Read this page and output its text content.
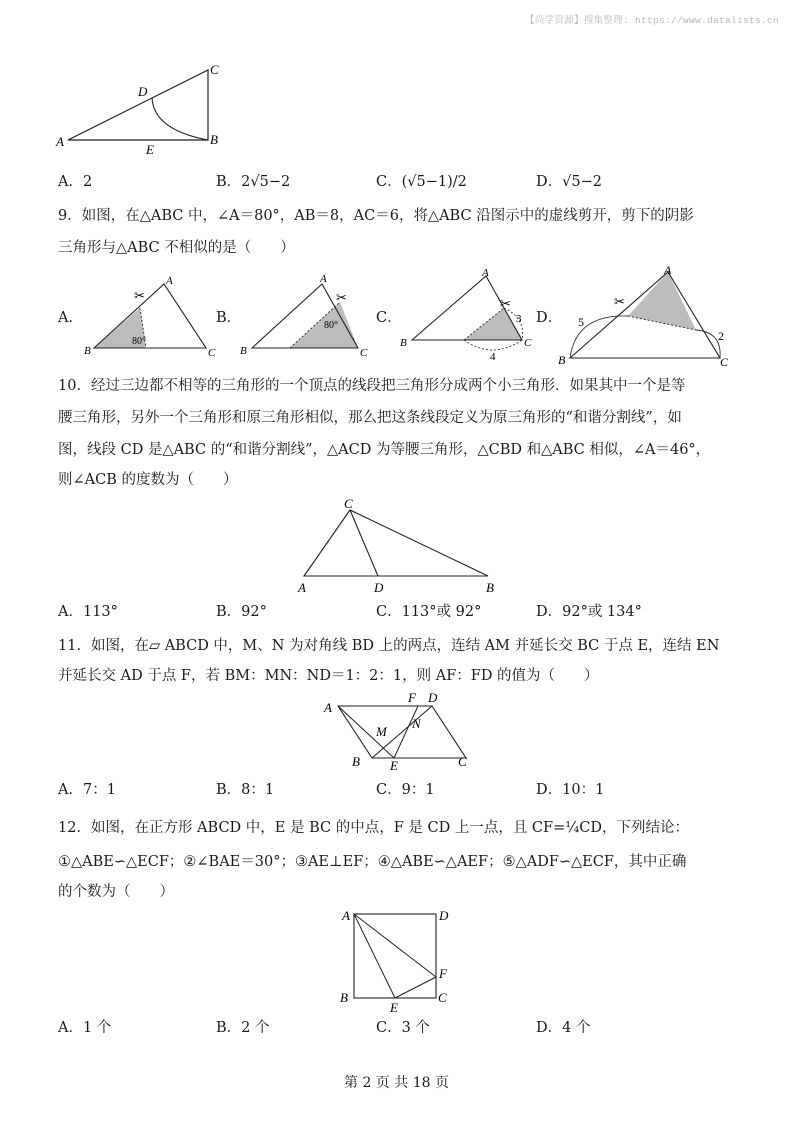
【尚学资源】搜集整理: https://www.datalists.cn
A	B
C
D
E
A．2	B．2√5−2	C．(√5−1)/2	D．√5−2
9．如图，在△ABC 中，∠A＝80°，AB＝8，AC＝6，将△ABC 沿图示中的虚线剪开，剪下的阴影
三角形与△ABC 不相似的是（　　）
A．
✂
80°
A
B	C
B．
✂
80°
A
B	C
C．
✂
3
4
A
B	C
D．
✂
5
2
A
B	C
10．经过三边都不相等的三角形的一个顶点的线段把三角形分成两个小三角形．如果其中一个是等
腰三角形，另外一个三角形和原三角形相似，那么把这条线段定义为原三角形的“和谐分割线”，如
图，线段 CD 是△ABC 的“和谐分割线”，△ACD 为等腰三角形，△CBD 和△ABC 相似，∠A＝46°，
则∠ACB 的度数为（　　）
C
A	D	B
A．113°	B．92°	C．113°或 92°	D．92°或 134°
11．如图，在▱ ABCD 中，M、N 为对角线 BD 上的两点，连结 AM 并延长交 BC 于点 E，连结 EN
并延长交 AD 于点 F，若 BM：MN：ND＝1：2：1，则 AF：FD 的值为（　　）
A
F D
M
N
B E	C
A．7：1	B．8：1	C．9：1	D．10：1
12．如图，在正方形 ABCD 中，E 是 BC 的中点，F 是 CD 上一点，且 CF=¼CD，下列结论：
①△ABE∽△ECF；②∠BAE＝30°；③AE⊥EF；④△ABE∽△AEF；⑤△ADF∽△ECF，其中正确
的个数为（　　）
A	D
F
B
E
C
A．1 个	B．2 个	C．3 个	D．4 个
第 2 页 共 18 页
